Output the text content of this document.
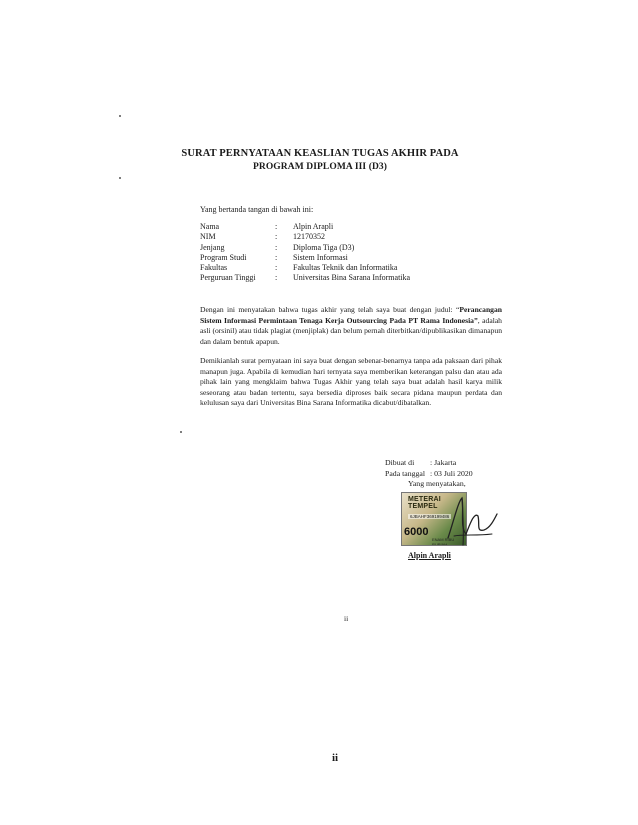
SURAT PERNYATAAN KEASLIAN TUGAS AKHIR PADA
PROGRAM DIPLOMA III (D3)
Yang bertanda tangan di bawah ini:
Nama	:	Alpin Arapli
NIM	:	12170352
Jenjang	:	Diploma Tiga (D3)
Program Studi	:	Sistem Informasi
Fakultas	:	Fakultas Teknik dan Informatika
Perguruan Tinggi	:	Universitas Bina Sarana Informatika
Dengan ini menyatakan bahwa tugas akhir yang telah saya buat dengan judul: “Perancangan Sistem Informasi Permintaan Tenaga Kerja Outsourcing Pada PT Rama Indonesia”, adalah asli (orsinil) atau tidak plagiat (menjiplak) dan belum pernah diterbitkan/dipublikasikan dimanapun dan dalam bentuk apapun.
Demikianlah surat pernyataan ini saya buat dengan sebenar-benarnya tanpa ada paksaan dari pihak manapun juga. Apabila di kemudian hari ternyata saya memberikan keterangan palsu dan atau ada pihak lain yang mengklaim bahwa Tugas Akhir yang telah saya buat adalah hasil karya milik seseorang atau badan tertentu, saya bersedia diproses baik secara pidana maupun perdata dan kelulusan saya dari Universitas Bina Sarana Informatika dicabut/dibatalkan.
Dibuat di	: Jakarta
Pada tanggal : 03 Juli 2020
Yang menyatakan,
METERAI TEMPEL
6JBAHF369199486
6000
ENAM RIBU RUPIAH
Alpin Arapli
ii
ii
